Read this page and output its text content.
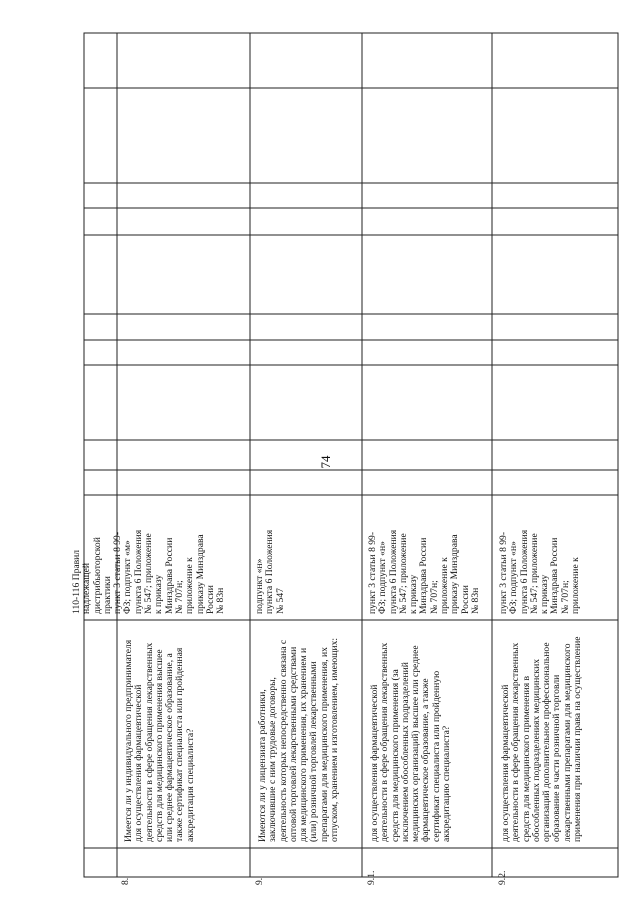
74
8.
Имеется ли у индивидуального предпринимателя
для осуществления фармацевтической
деятельности в сфере обращения лекарственных
средств для медицинского применения высшее
или среднее фармацевтическое образование, а
также сертификат специалиста или пройденная
аккредитация специалиста?
110-116 Правил
надлежащей
дистрибьюторской
практики
пункт 3 статьи 8 99-
ФЗ; подпункт «м»
пункта 6 Положения
№ 547; приложение
к приказу
Минздрава России
№ 707н;
приложение к
приказу Минздрава
России
№ 83н
9.
Имеются ли у лицензиата работники,
заключившие с ним трудовые договоры,
деятельность которых непосредственно связана с
оптовой торговлей лекарственными средствами
для медицинского применения, их хранением и
(или) розничной торговлей лекарственными
препаратами для медицинского применения, их
отпуском, хранением и изготовлением, имеющих:
подпункт «н»
пункта 6 Положения
№ 547
9.1.
для осуществления фармацевтической
деятельности в сфере обращения лекарственных
средств для медицинского применения (за
исключением обособленных подразделений
медицинских организаций) высшее или среднее
фармацевтическое образование, а также
сертификат специалиста или пройденную
аккредитацию специалиста?
пункт 3 статьи 8 99-
ФЗ; подпункт «н»
пункта 6 Положения
№ 547; приложение
к приказу
Минздрава России
№ 707н;
приложение к
приказу Минздрава
России
№ 83н
9.2.
для осуществления фармацевтической
деятельности в сфере обращения лекарственных
средств для медицинского применения в
обособленных подразделениях медицинских
организаций дополнительное профессиональное
образование в части розничной торговли
лекарственными препаратами для медицинского
применения при наличии права на осуществление
пункт 3 статьи 8 99-
ФЗ; подпункт «н»
пункта 6 Положения
№ 547; приложение
к приказу
Минздрава России
№ 707н;
приложение к
